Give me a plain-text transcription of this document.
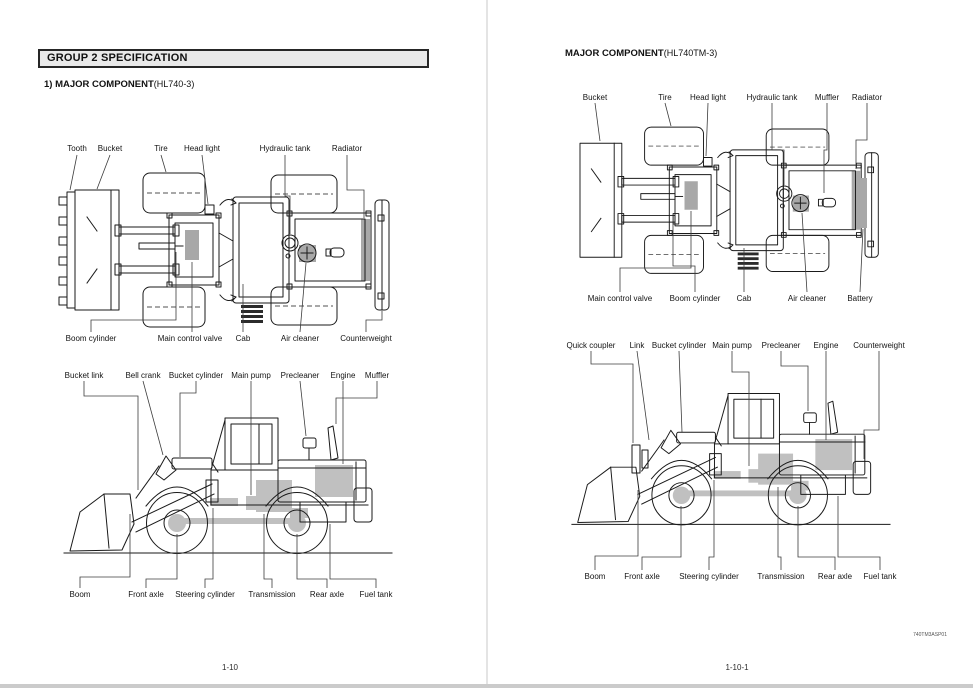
GROUP 2 SPECIFICATION
1) MAJOR COMPONENT(HL740-3)
Tooth Bucket	Tire Head light	Hydraulic tank	Radiator
Boom cylinder	Main control valve Cab	Air cleaner	Counterweight
Bucket link	Bell crank Bucket cylinder Main pump Precleaner Engine Muffler
Boom	Front axle Steering cylinder Transmission Rear axle Fuel tank
1-10
MAJOR COMPONENT(HL740TM-3)
Bucket	Tire Head light	Hydraulic tank Muffler Radiator
Main control valve Boom cylinder Cab	Air cleaner	Battery
Quick coupler Link Bucket cylinder Main pump Precleaner Engine Counterweight
Boom Front axle Steering cylinder Transmission Rear axle Fuel tank
740TM3ASP01
1-10-1
